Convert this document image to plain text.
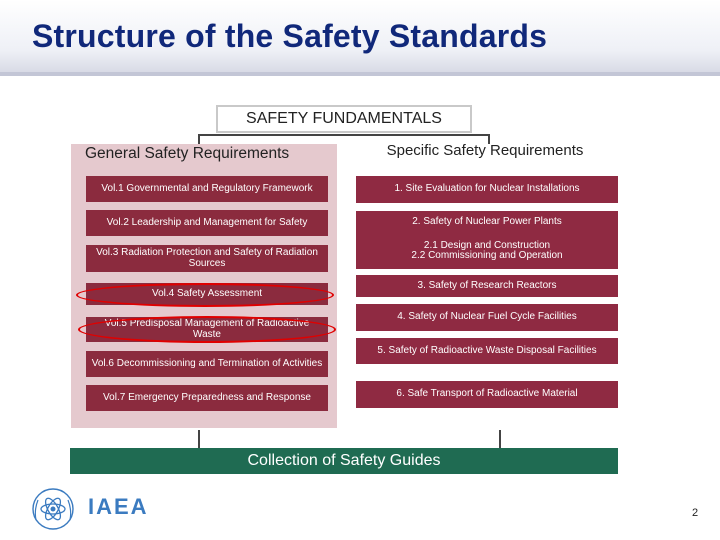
Structure of the Safety Standards
SAFETY FUNDAMENTALS
General Safety Requirements	Specific Safety Requirements
Vol.1 Governmental and Regulatory Framework
Vol.2 Leadership and Management for Safety
Vol.3 Radiation Protection and Safety of Radiation Sources
Vol.4 Safety Assessment
Vol.5 Predisposal Management of Radioactive Waste
Vol.6 Decommissioning and Termination of Activities
Vol.7 Emergency Preparedness and Response
1. Site Evaluation for Nuclear Installations
2. Safety of Nuclear Power Plants
2.1 Design and Construction
2.2 Commissioning and Operation
3. Safety of Research Reactors
4. Safety of Nuclear Fuel Cycle Facilities
5. Safety of Radioactive Waste Disposal Facilities
6. Safe Transport of Radioactive Material
Collection of Safety Guides
IAEA	2
